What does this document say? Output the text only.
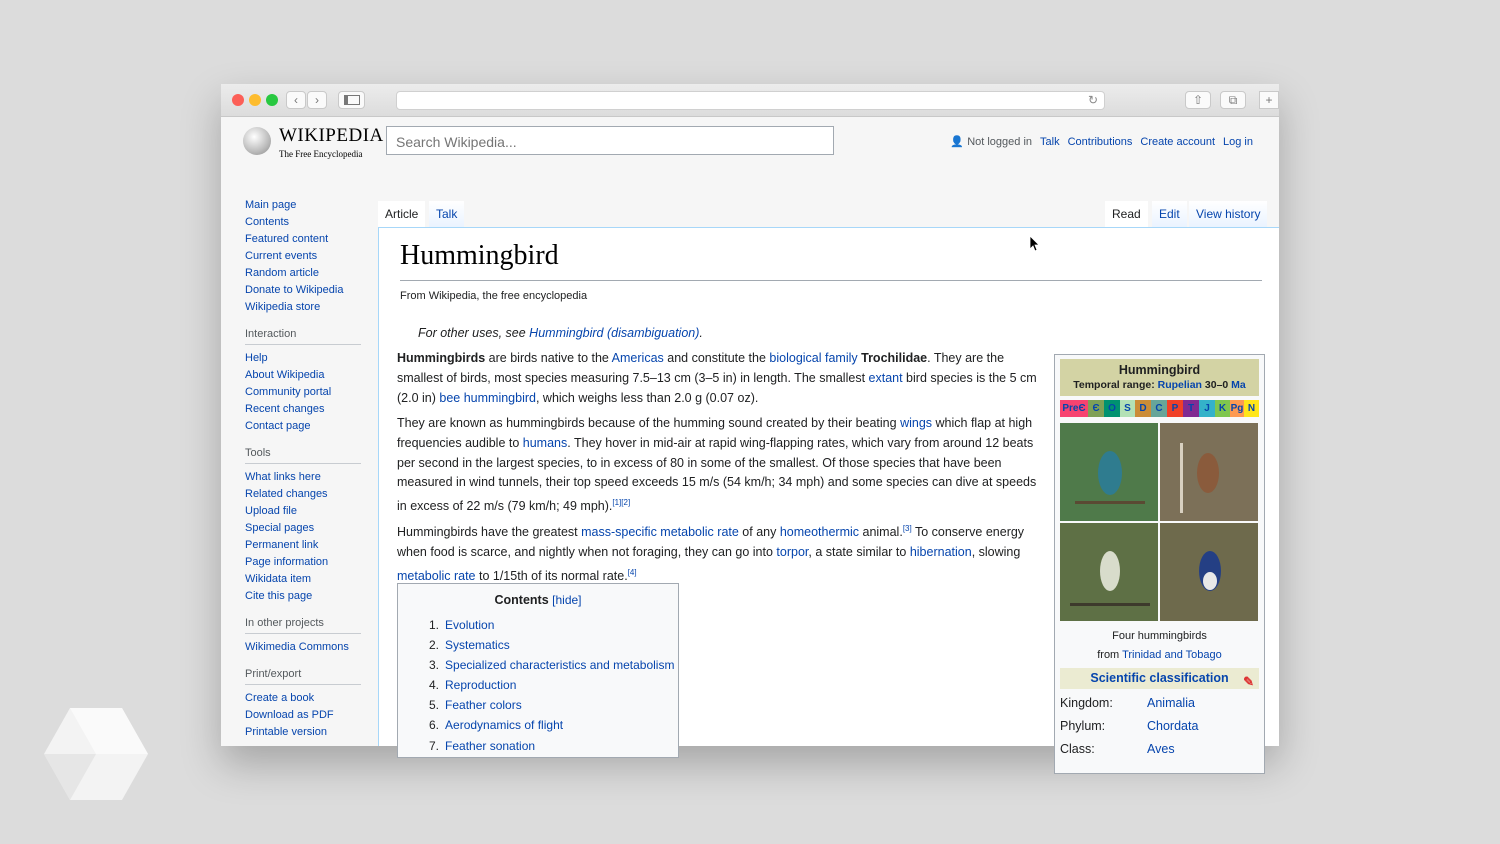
‹ ›	↻	⇧ ⧉ +
WIKIPEDIA
The Free Encyclopedia
Search Wikipedia...
👤 Not logged in Talk Contributions Create account Log in
Main page
Contents
Featured content
Current events
Random article
Donate to Wikipedia
Wikipedia store
Interaction
Help
About Wikipedia
Community portal
Recent changes
Contact page
Tools
What links here
Related changes
Upload file
Special pages
Permanent link
Page information
Wikidata item
Cite this page
In other projects
Wikimedia Commons
Print/export
Create a book
Download as PDF
Printable version
Article	Talk	Read	Edit	View history
Hummingbird
From Wikipedia, the free encyclopedia
For other uses, see Hummingbird (disambiguation).
Hummingbirds are birds native to the Americas and constitute the biological family Trochilidae. They are the smallest of birds, most species measuring 7.5–13 cm (3–5 in) in length. The smallest extant bird species is the 5 cm (2.0 in) bee hummingbird, which weighs less than 2.0 g (0.07 oz).
They are known as hummingbirds because of the humming sound created by their beating wings which flap at high frequencies audible to humans. They hover in mid-air at rapid wing-flapping rates, which vary from around 12 beats per second in the largest species, to in excess of 80 in some of the smallest. Of those species that have been measured in wind tunnels, their top speed exceeds 15 m/s (54 km/h; 34 mph) and some species can dive at speeds in excess of 22 m/s (79 km/h; 49 mph).[1][2]
Hummingbirds have the greatest mass-specific metabolic rate of any homeothermic animal.[3] To conserve energy when food is scarce, and nightly when not foraging, they can go into torpor, a state similar to hibernation, slowing metabolic rate to 1/15th of its normal rate.[4]
Contents [hide]
1. Evolution
2. Systematics
3. Specialized characteristics and metabolism
4. Reproduction
5. Feather colors
6. Aerodynamics of flight
7. Feather sonation
Hummingbird
Temporal range: Rupelian 30–0 Ma
PreЄ Є O S D C P T	J K Pg N
Four hummingbirds
from Trinidad and Tobago
Scientific classification ✎
Kingdom:	Animalia
Phylum:	Chordata
Class:	Aves
